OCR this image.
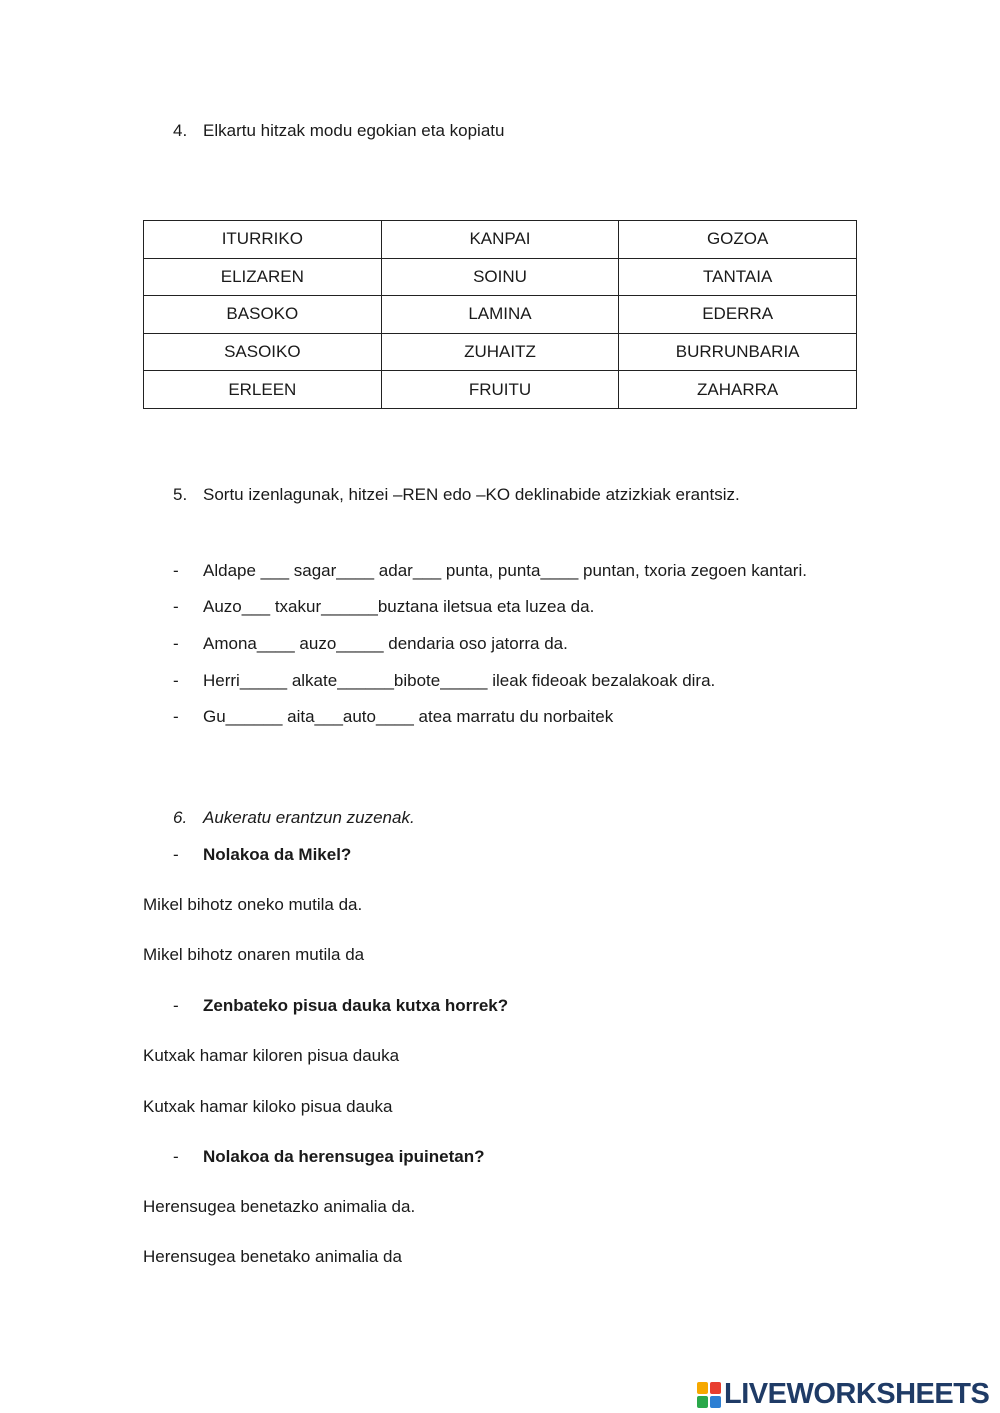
4. Elkartu hitzak modu egokian eta kopiatu
ITURRIKO	KANPAI	GOZOA
ELIZAREN	SOINU	TANTAIA
BASOKO	LAMINA	EDERRA
SASOIKO	ZUHAITZ	BURRUNBARIA
ERLEEN	FRUITU	ZAHARRA
5. Sortu izenlagunak, hitzei –REN edo –KO deklinabide atzizkiak erantsiz.
- Aldape ___ sagar____ adar___ punta, punta____ puntan, txoria zegoen kantari.
- Auzo___ txakur______buztana iletsua eta luzea da.
- Amona____ auzo_____ dendaria oso jatorra da.
- Herri_____ alkate______bibote_____ ileak fideoak bezalakoak dira.
- Gu______ aita___auto____ atea marratu du norbaitek
6. Aukeratu erantzun zuzenak.
- Nolakoa da Mikel?
Mikel bihotz oneko mutila da.
Mikel bihotz onaren mutila da
- Zenbateko pisua dauka kutxa horrek?
Kutxak hamar kiloren pisua dauka
Kutxak hamar kiloko pisua dauka
- Nolakoa da herensugea ipuinetan?
Herensugea benetazko animalia da.
Herensugea benetako animalia da
LIVEWORKSHEETS
